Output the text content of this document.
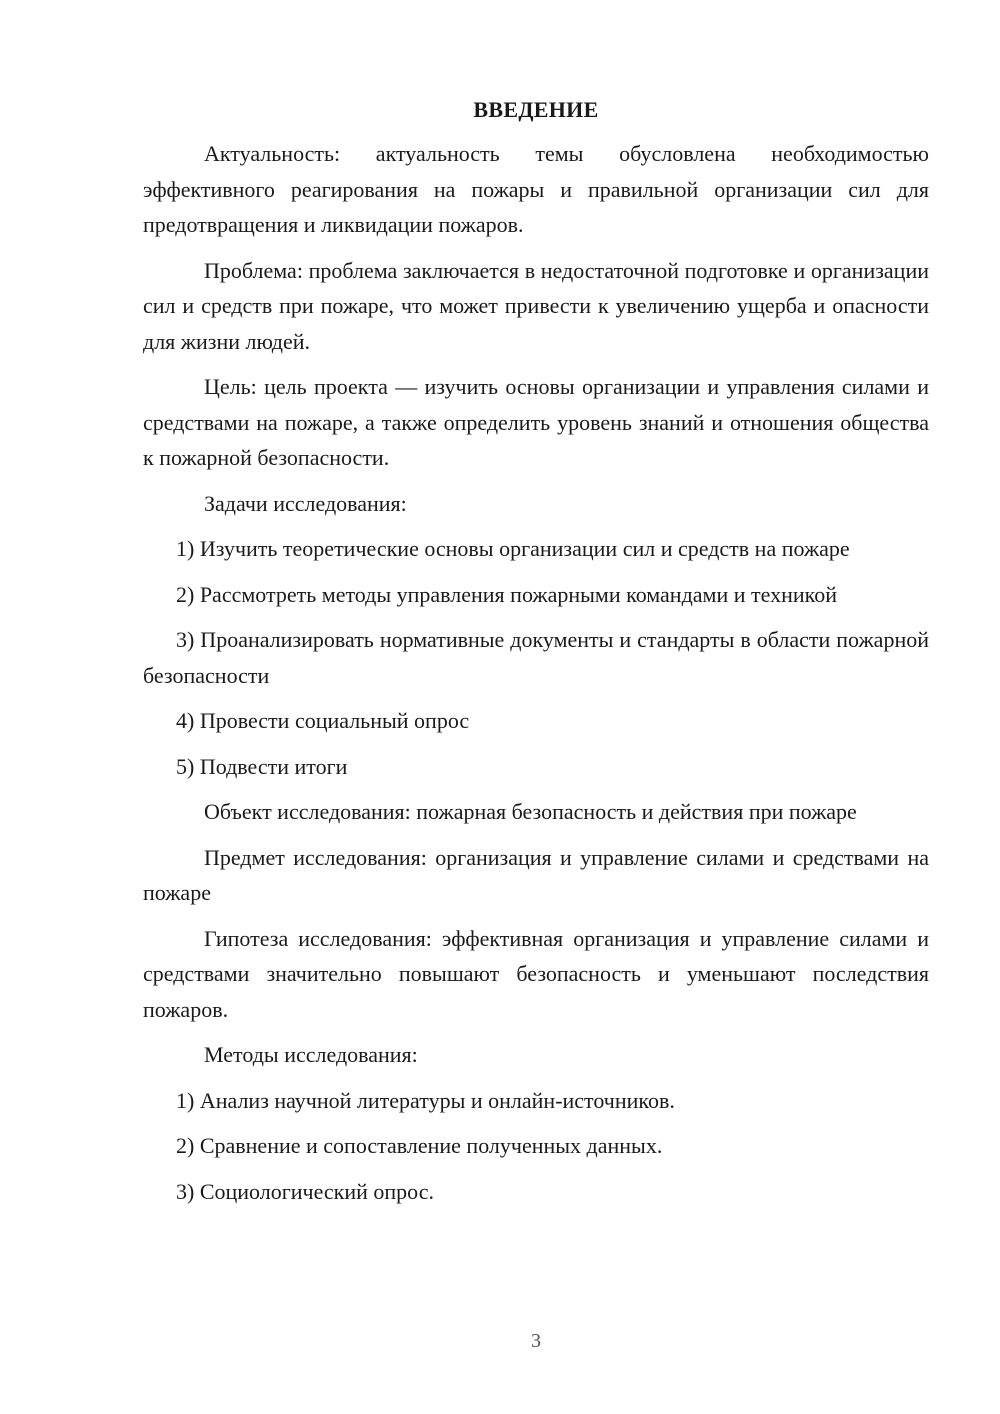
ВВЕДЕНИЕ

Актуальность: актуальность темы обусловлена необходимостью эффективного реагирования на пожары и правильной организации сил для предотвращения и ликвидации пожаров.

Проблема: проблема заключается в недостаточной подготовке и организации сил и средств при пожаре, что может привести к увеличению ущерба и опасности для жизни людей.

Цель: цель проекта — изучить основы организации и управления силами и средствами на пожаре, а также определить уровень знаний и отношения общества к пожарной безопасности.

Задачи исследования:

1) Изучить теоретические основы организации сил и средств на пожаре

2) Рассмотреть методы управления пожарными командами и техникой

3) Проанализировать нормативные документы и стандарты в области пожарной безопасности

4) Провести социальный опрос

5) Подвести итоги

Объект исследования: пожарная безопасность и действия при пожаре

Предмет исследования: организация и управление силами и средствами на пожаре

Гипотеза исследования: эффективная организация и управление силами и средствами значительно повышают безопасность и уменьшают последствия пожаров.

Методы исследования:

1) Анализ научной литературы и онлайн-источников.

2) Сравнение и сопоставление полученных данных.

3) Социологический опрос.

3
